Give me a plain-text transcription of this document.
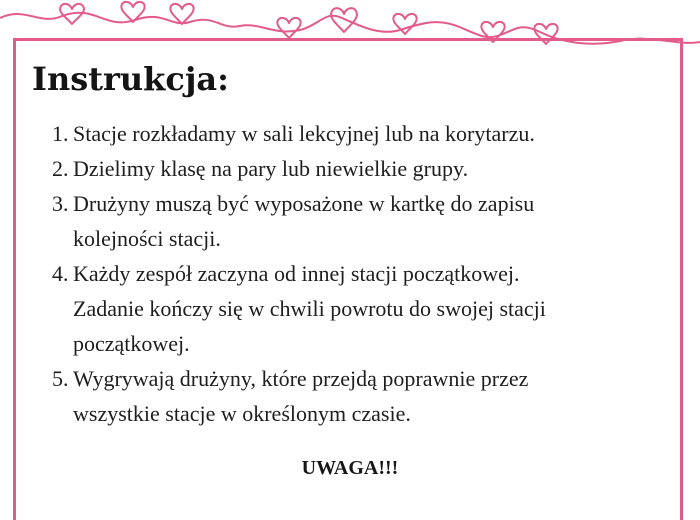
Instrukcja:
1. Stacje rozkładamy w sali lekcyjnej lub na korytarzu.
2. Dzielimy klasę na pary lub niewielkie grupy.
3. Drużyny muszą być wyposażone w kartkę do zapisu
kolejności stacji.
4. Każdy zespół zaczyna od innej stacji początkowej.
Zadanie kończy się w chwili powrotu do swojej stacji
początkowej.
5. Wygrywają drużyny, które przejdą poprawnie przez
wszystkie stacje w określonym czasie.

UWAGA!!!
